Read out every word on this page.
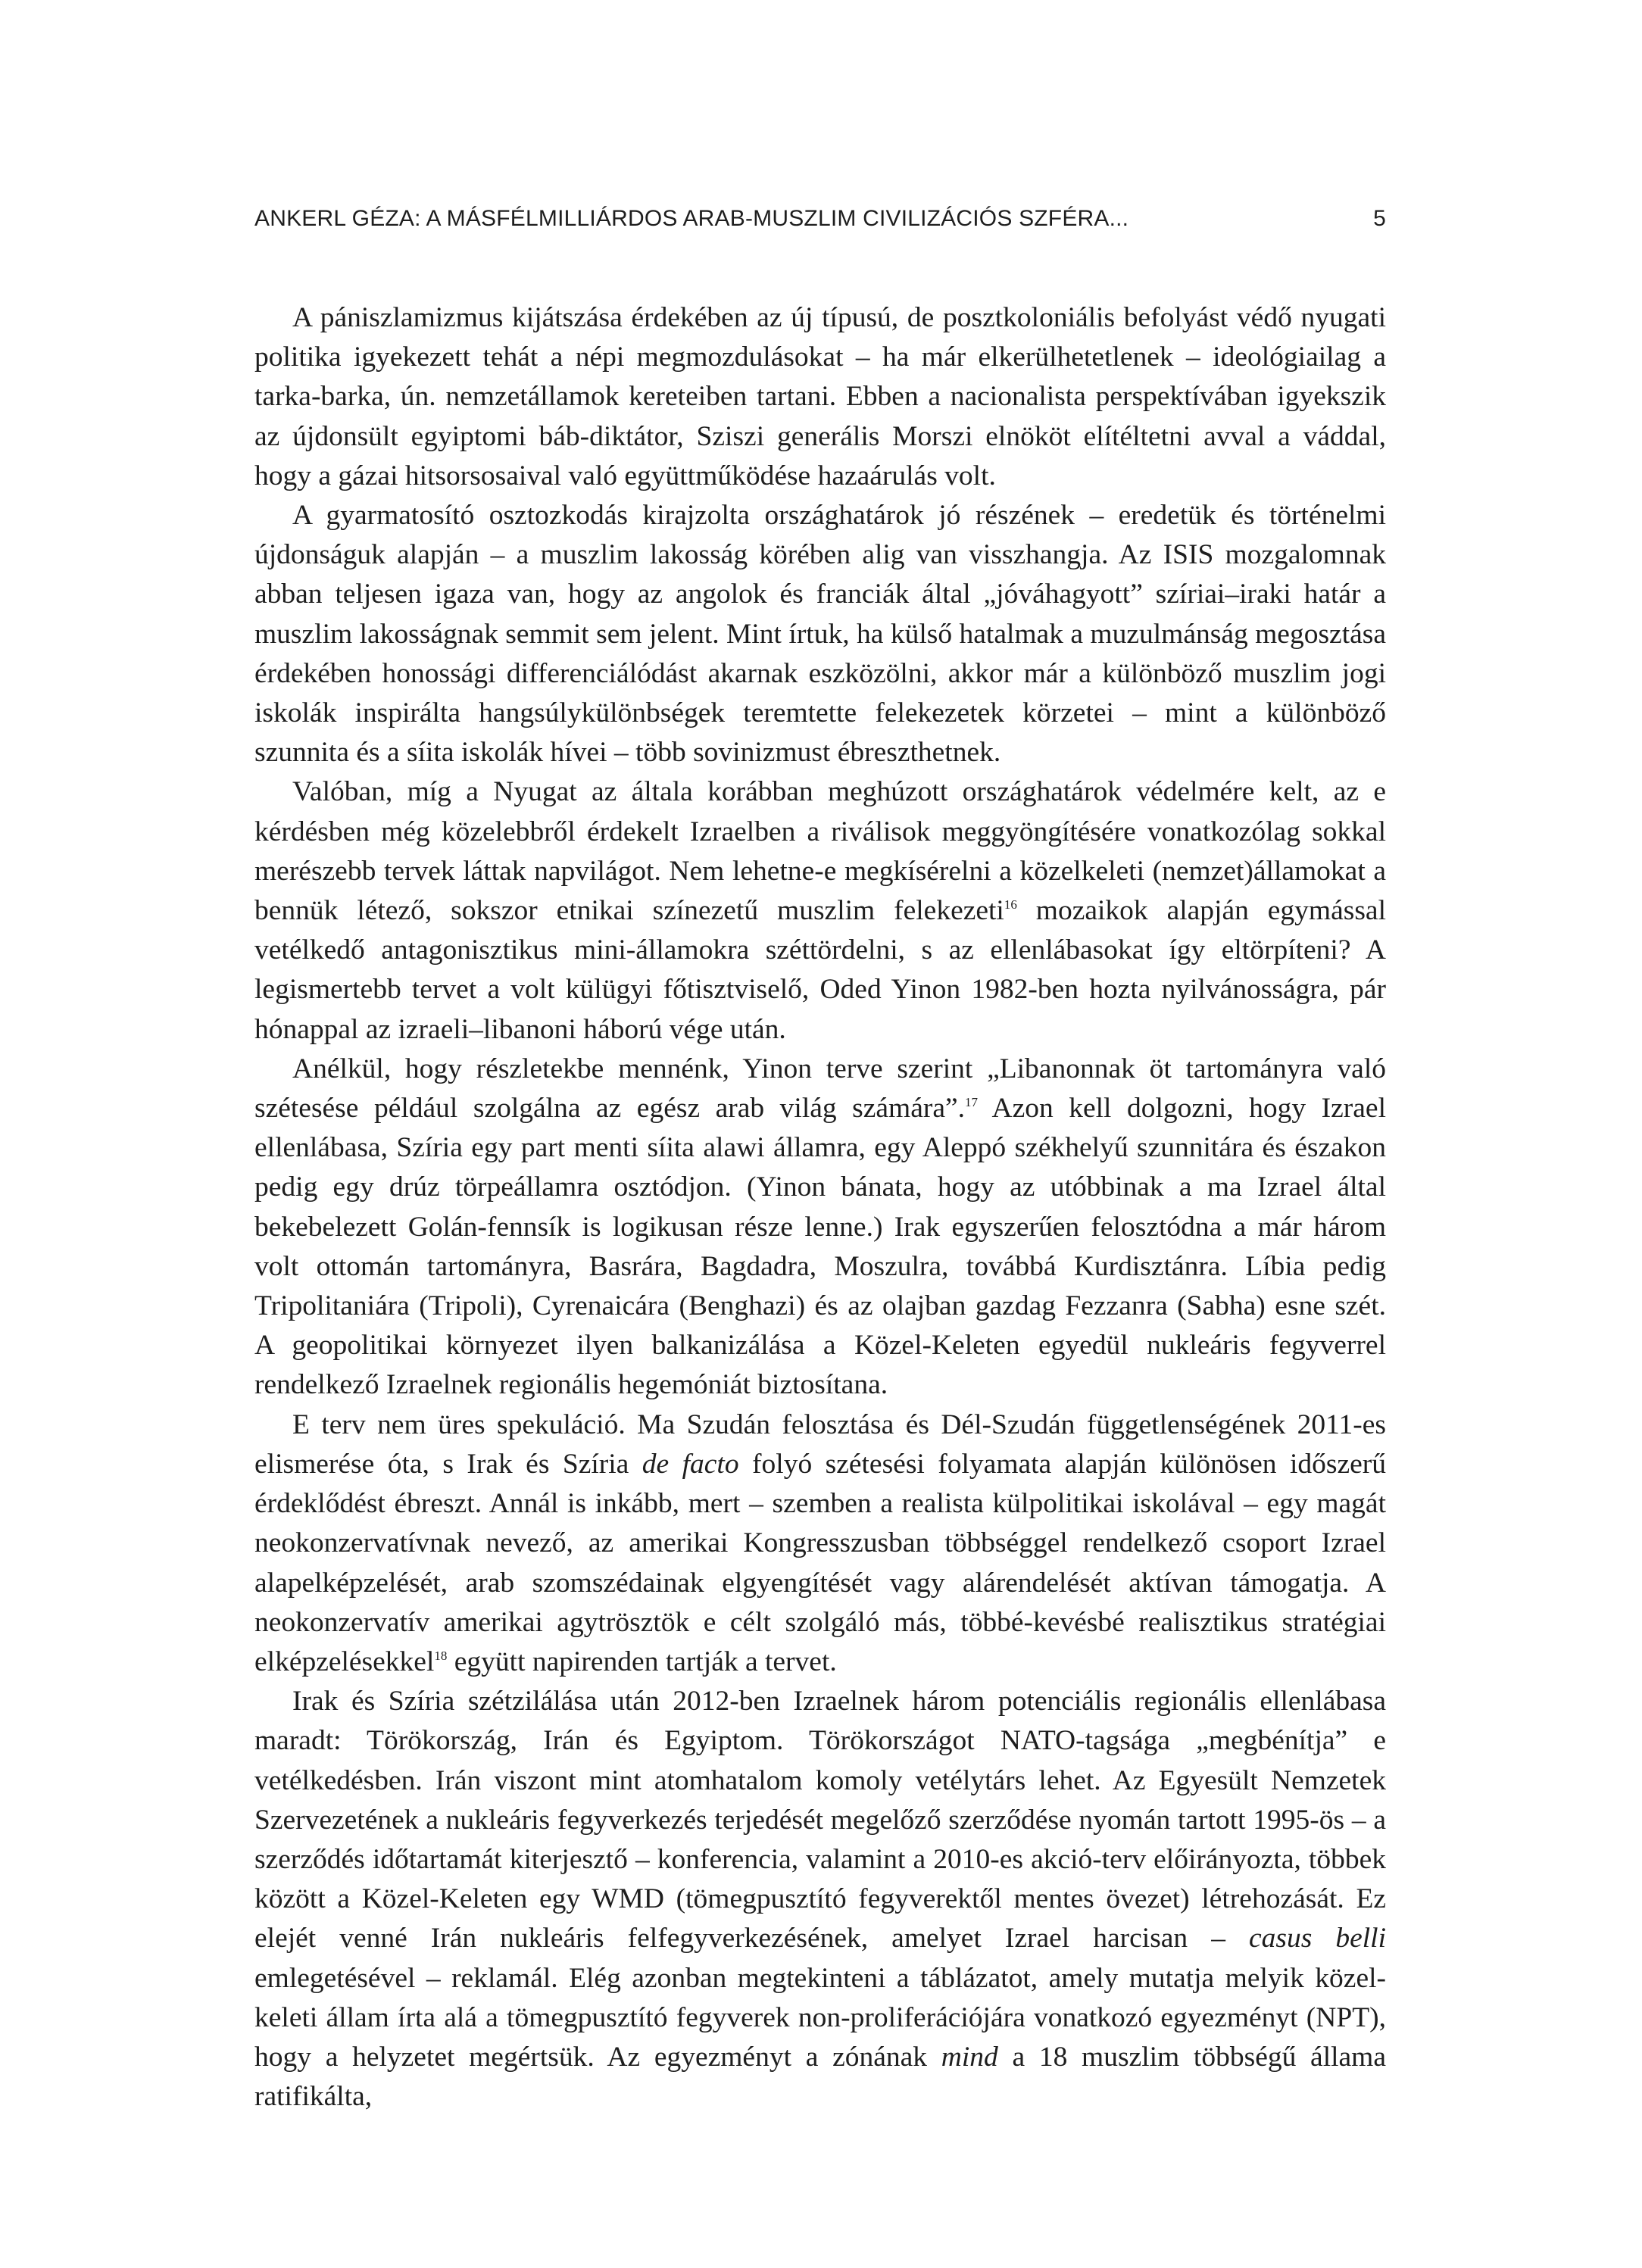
ANKERL GÉZA: A MÁSFÉLMILLIÁRDOS ARAB-MUSZLIM CIVILIZÁCIÓS SZFÉRA...	5

A pániszlamizmus kijátszása érdekében az új típusú, de posztkoloniális befolyást védő nyugati politika igyekezett tehát a népi megmozdulásokat – ha már elkerülhetetlenek – ideológiailag a tarka-barka, ún. nemzetállamok kereteiben tartani. Ebben a nacionalista perspektívában igyekszik az újdonsült egyiptomi báb-diktátor, Sziszi generális Morszi elnököt elítéltetni avval a váddal, hogy a gázai hitsorsosaival való együttműködése hazaárulás volt.

A gyarmatosító osztozkodás kirajzolta országhatárok jó részének – eredetük és történelmi újdonságuk alapján – a muszlim lakosság körében alig van visszhangja. Az ISIS mozgalomnak abban teljesen igaza van, hogy az angolok és franciák által „jóváhagyott” szíriai–iraki határ a muszlim lakosságnak semmit sem jelent. Mint írtuk, ha külső hatalmak a muzulmánság megosztása érdekében honossági differenciálódást akarnak eszközölni, akkor már a különböző muszlim jogi iskolák inspirálta hangsúlykülönbségek teremtette felekezetek körzetei – mint a különböző szunnita és a síita iskolák hívei – több sovinizmust ébreszthetnek.

Valóban, míg a Nyugat az általa korábban meghúzott országhatárok védelmére kelt, az e kérdésben még közelebbről érdekelt Izraelben a riválisok meggyöngítésére vonatkozólag sokkal merészebb tervek láttak napvilágot. Nem lehetne-e megkísérelni a közelkeleti (nemzet)államokat a bennük létező, sokszor etnikai színezetű muszlim felekezeti$^{16}$ mozaikok alapján egymással vetélkedő antagonisztikus mini-államokra széttördelni, s az ellenlábasokat így eltörpíteni? A legismertebb tervet a volt külügyi főtisztviselő, Oded Yinon 1982-ben hozta nyilvánosságra, pár hónappal az izraeli–libanoni háború vége után.

Anélkül, hogy részletekbe mennénk, Yinon terve szerint „Libanonnak öt tartományra való szétesése például szolgálna az egész arab világ számára”.$^{17}$ Azon kell dolgozni, hogy Izrael ellenlábasa, Szíria egy part menti síita alawi államra, egy Aleppó székhelyű szunnitára és északon pedig egy drúz törpeállamra osztódjon. (Yinon bánata, hogy az utóbbinak a ma Izrael által bekebelezett Golán-fennsík is logikusan része lenne.) Irak egyszerűen felosztódna a már három volt ottomán tartományra, Basrára, Bagdadra, Moszulra, továbbá Kurdisztánra. Líbia pedig Tripolitaniára (Tripoli), Cyrenaicára (Benghazi) és az olajban gazdag Fezzanra (Sabha) esne szét. A geopolitikai környezet ilyen balkanizálása a Közel-Keleten egyedül nukleáris fegyverrel rendelkező Izraelnek regionális hegemóniát biztosítana.

E terv nem üres spekuláció. Ma Szudán felosztása és Dél-Szudán függetlenségének 2011-es elismerése óta, s Irak és Szíria de facto folyó szétesési folyamata alapján különösen időszerű érdeklődést ébreszt. Annál is inkább, mert – szemben a realista külpolitikai iskolával – egy magát neokonzervatívnak nevező, az amerikai Kongresszusban többséggel rendelkező csoport Izrael alapelképzelését, arab szomszédainak elgyengítését vagy alárendelését aktívan támogatja. A neokonzervatív amerikai agytrösztök e célt szolgáló más, többé-kevésbé realisztikus stratégiai elképzelésekkel$^{18}$ együtt napirenden tartják a tervet.

Irak és Szíria szétzilálása után 2012-ben Izraelnek három potenciális regionális ellenlábasa maradt: Törökország, Irán és Egyiptom. Törökországot NATO-tagsága „megbénítja” e vetélkedésben. Irán viszont mint atomhatalom komoly vetélytárs lehet. Az Egyesült Nemzetek Szervezetének a nukleáris fegyverkezés terjedését megelőző szerződése nyomán tartott 1995-ös – a szerződés időtartamát kiterjesztő – konferencia, valamint a 2010-es akció-terv előirányozta, többek között a Közel-Keleten egy WMD (tömegpusztító fegyverektől mentes övezet) létrehozását. Ez elejét venné Irán nukleáris felfegyverkezésének, amelyet Izrael harcisan – casus belli emlegetésével – reklamál. Elég azonban megtekinteni a táblázatot, amely mutatja melyik közel-keleti állam írta alá a tömegpusztító fegyverek non-proliferációjára vonatkozó egyezményt (NPT), hogy a helyzetet megértsük. Az egyezményt a zónának mind a 18 muszlim többségű állama ratifikálta,
